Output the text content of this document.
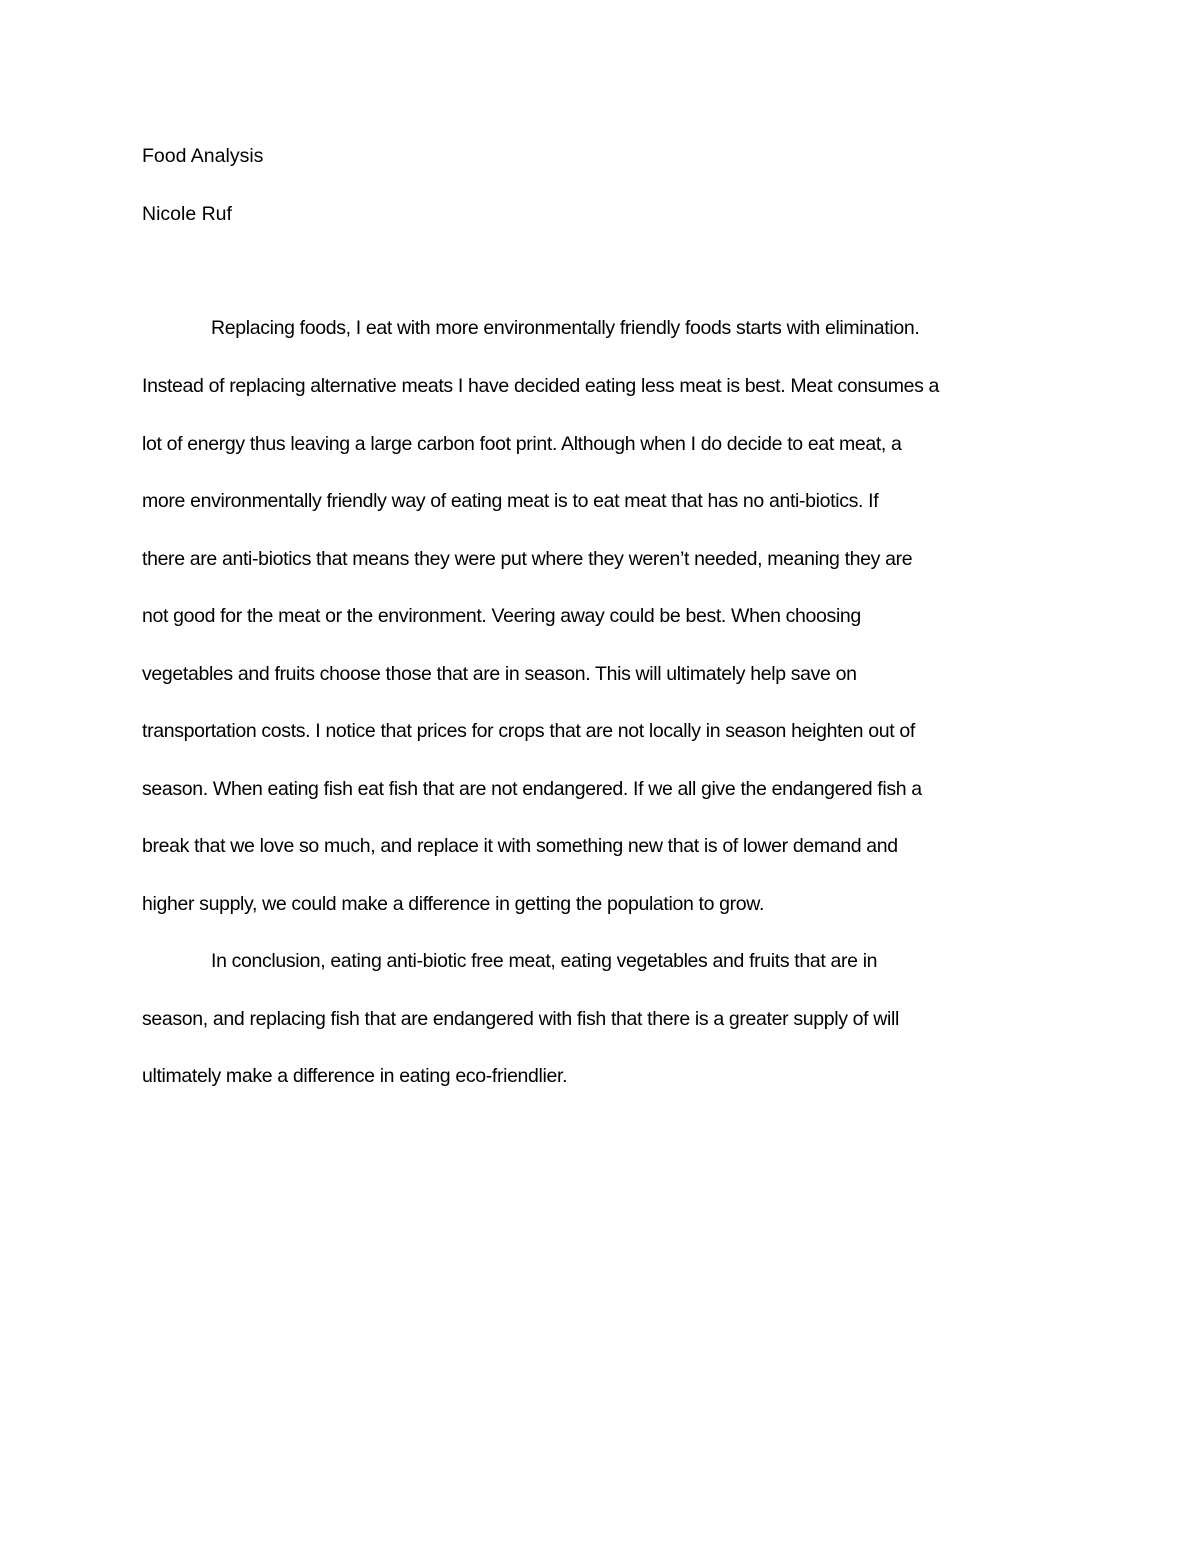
Food Analysis
Nicole Ruf
Replacing foods, I eat with more environmentally friendly foods starts with elimination.
Instead of replacing alternative meats I have decided eating less meat is best. Meat consumes a
lot of energy thus leaving a large carbon foot print. Although when I do decide to eat meat, a
more environmentally friendly way of eating meat is to eat meat that has no anti-biotics. If
there are anti-biotics that means they were put where they weren’t needed, meaning they are
not good for the meat or the environment. Veering away could be best. When choosing
vegetables and fruits choose those that are in season. This will ultimately help save on
transportation costs. I notice that prices for crops that are not locally in season heighten out of
season. When eating fish eat fish that are not endangered. If we all give the endangered fish a
break that we love so much, and replace it with something new that is of lower demand and
higher supply, we could make a difference in getting the population to grow.
In conclusion, eating anti-biotic free meat, eating vegetables and fruits that are in
season, and replacing fish that are endangered with fish that there is a greater supply of will
ultimately make a difference in eating eco-friendlier.
